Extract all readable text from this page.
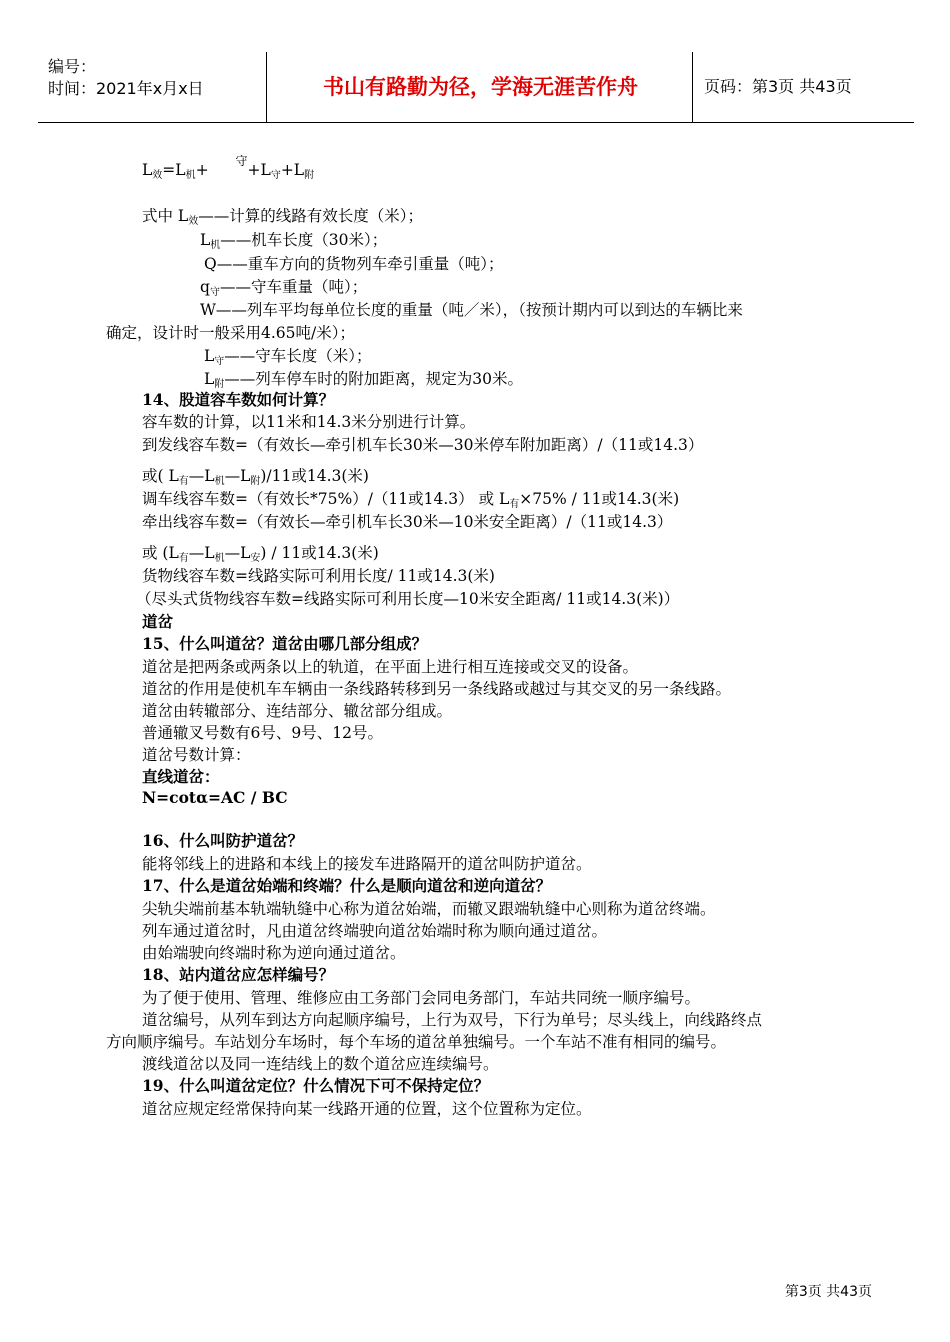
编号：
时间：2021年x月x日	书山有路勤为径，学海无涯苦作舟	页码：第3页 共43页
$L_效=L_机+ ^守+L_守+L_附$
式中 $L_效——$计算的线路有效长度（米）；
$L_机——$机车长度（30米）；
Q——重车方向的货物列车牵引重量（吨）；
$q_守——$守车重量（吨）；
W——列车平均每单位长度的重量（吨／米），（按预计期内可以到达的车辆比来
确定，设计时一般采用4.65吨/米）；
$L_守——$守车长度（米）；
$L_附——$列车停车时的附加距离，规定为30米。
14、股道容车数如何计算？
容车数的计算，以11米和14.3米分别进行计算。
到发线容车数=（有效长—牵引机车长30米—30米停车附加距离）/（11或14.3）
或( $L_有—L_机—L_附)/11$或14.3(米)
调车线容车数=（有效长*75%）/（11或14.3） 或 $L_有\times 75\% / 11$或14.3(米)
牵出线容车数=（有效长—牵引机车长30米—10米安全距离）/（11或14.3）
或 $(L_有—L_机—L_安) / 11$或14.3(米)
货物线容车数=线路实际可利用长度/ 11或14.3(米)
（尽头式货物线容车数=线路实际可利用长度—10米安全距离/ 11或14.3(米)）
道岔
15、什么叫道岔？道岔由哪几部分组成？
道岔是把两条或两条以上的轨道，在平面上进行相互连接或交叉的设备。
道岔的作用是使机车车辆由一条线路转移到另一条线路或越过与其交叉的另一条线路。
道岔由转辙部分、连结部分、辙岔部分组成。
普通辙叉号数有6号、9号、12号。
道岔号数计算：
直线道岔：
N=cotα=AC / BC
16、什么叫防护道岔？
能将邻线上的进路和本线上的接发车进路隔开的道岔叫防护道岔。
17、什么是道岔始端和终端？什么是顺向道岔和逆向道岔？
尖轨尖端前基本轨端轨缝中心称为道岔始端，而辙叉跟端轨缝中心则称为道岔终端。
列车通过道岔时，凡由道岔终端驶向道岔始端时称为顺向通过道岔。
由始端驶向终端时称为逆向通过道岔。
18、站内道岔应怎样编号？
为了便于使用、管理、维修应由工务部门会同电务部门，车站共同统一顺序编号。
道岔编号，从列车到达方向起顺序编号，上行为双号，下行为单号；尽头线上，向线路终点
方向顺序编号。车站划分车场时，每个车场的道岔单独编号。一个车站不准有相同的编号。
渡线道岔以及同一连结线上的数个道岔应连续编号。
19、什么叫道岔定位？什么情况下可不保持定位？
道岔应规定经常保持向某一线路开通的位置，这个位置称为定位。
第3页 共43页
